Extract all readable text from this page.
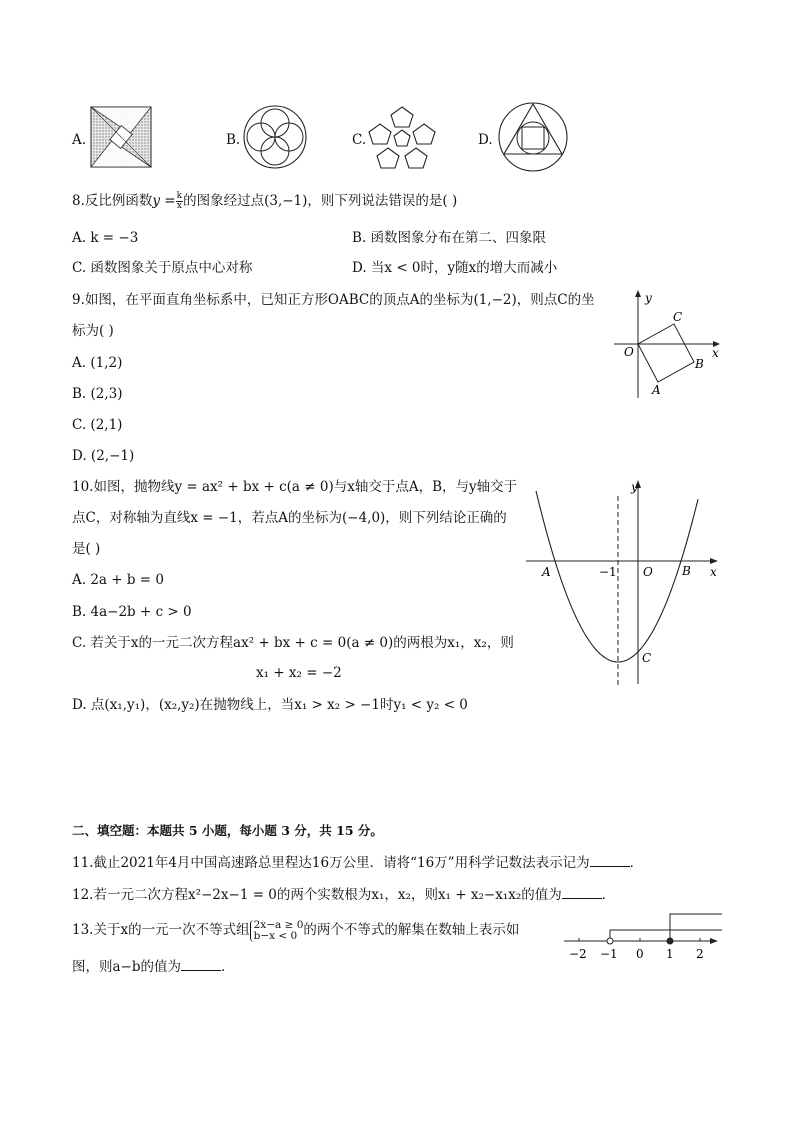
A.	B.	C.	D.
8.反比例函数$y = \frac{k}{x}$ 的图象经过点(3,−1)，则下列说法错误的是( )
A. k = −3	B. 函数图象分布在第二、四象限
C. 函数图象关于原点中心对称	D. 当x < 0时，y随x的增大而减小
9.如图，在平面直角坐标系中，已知正方形OABC的顶点A的坐标为(1,−2)，则点C的坐
标为( )
A. (1,2)
B. (2,3)
C. (2,1)
D. (2,−1)
y
x
O
A
B
C
10.如图，抛物线y = ax² + bx + c(a ≠ 0)与x轴交于点A，B，与y轴交于
点C，对称轴为直线x = −1，若点A的坐标为(−4,0)，则下列结论正确的
是( )
A. 2a + b = 0
B. 4a−2b + c > 0
C. 若关于x的一元二次方程ax² + bx + c = 0(a ≠ 0)的两根为x₁，x₂，则
x₁ + x₂ = −2
D. 点(x₁,y₁)，(x₂,y₂)在抛物线上，当x₁ > x₂ > −1时y₁ < y₂ < 0
y
x
O
A	B
C
−1
二、填空题：本题共 5 小题，每小题 3 分，共 15 分。
11.截止2021年4月中国高速路总里程达16万公里．请将“16万”用科学记数法表示记为	．
12.若一元二次方程x²−2x−1 = 0的两个实数根为x₁，x₂，则x₁ + x₂−x₁x₂的值为	．
13.关于x的一元一次不等式组 2x−a ≥ 0
b−x < 0 的两个不等式的解集在数轴上表示如
图，则a−b的值为	．
−2 −1 0 1 2
